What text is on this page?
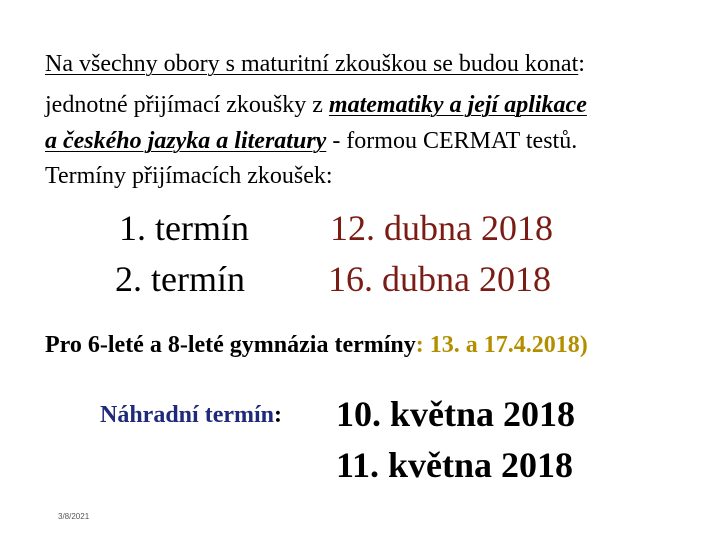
Na všechny obory s maturitní zkouškou se budou konat:
jednotné přijímací zkoušky z matematiky a její aplikace
a českého jazyka a literatury - formou CERMAT testů.
Termíny přijímacích zkoušek:
1. termín 12. dubna 2018
2. termín 16. dubna 2018
Pro 6-leté a 8-leté gymnázia termíny: 13. a 17.4.2018)
Náhradní termín: 10. května 2018
11. května 2018
3/8/2021
